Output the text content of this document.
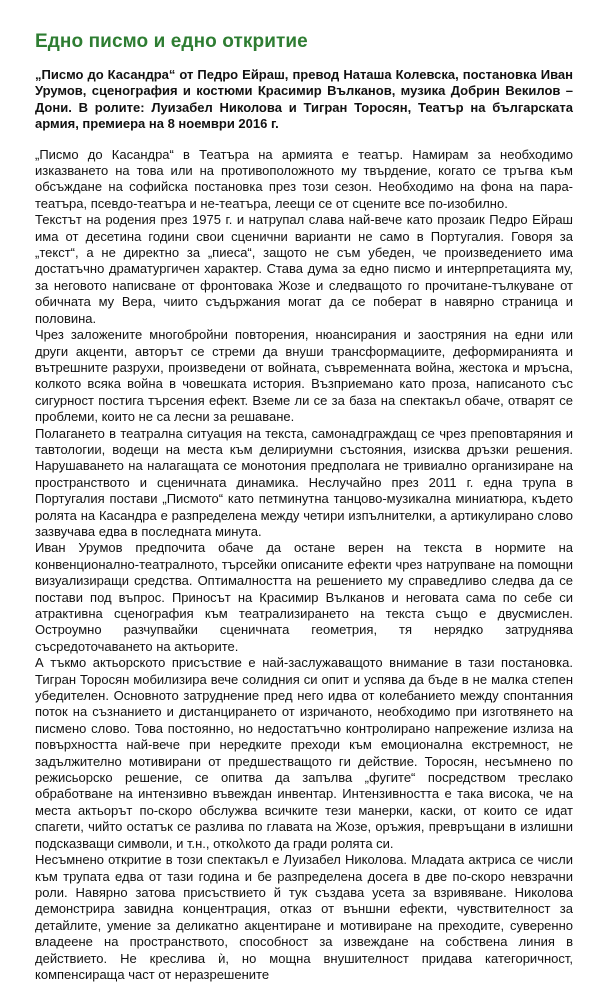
Едно писмо и едно откритие

„Писмо до Касандра“ от Педро Ейраш, превод Наташа Колевска, постановка Иван Урумов, сценография и костюми Красимир Вълканов, музика Добрин Векилов – Дони. В ролите: Луизабел Николова и Тигран Торосян, Театър на българската армия, премиера на 8 ноември 2016 г.

„Писмо до Касандра“ в Театъра на армията е театър. Намирам за необходимо изказването на това или на противоположното му твърдение, когато се тръгва към обсъждане на софийска постановка през този сезон. Необходимо на фона на пара-театъра, псевдо-театъра и не-театъра, леещи се от сцените все по-изобилно.

Текстът на родения през 1975 г. и натрупал слава най-вече като прозаик Педро Ейраш има от десетина години свои сценични варианти не само в Португалия. Говоря за „текст“, а не директно за „пиеса“, защото не съм убеден, че произведението има достатъчно драматургичен характер. Става дума за едно писмо и интерпретацията му, за неговото написване от фронтовака Жозе и следващото го прочитане-тълкуване от обичната му Вера, чиито съдържания могат да се поберат в навярно страница и половина.

Чрез заложените многобройни повторения, нюансирания и заостряния на едни или други акценти, авторът се стреми да внуши трансформациите, деформиранията и вътрешните разрухи, произведени от войната, съвременната война, жестока и мръсна, колкото всяка война в човешката история. Възприемано като проза, написаното със сигурност постига търсения ефект. Вземе ли се за база на спектакъл обаче, отварят се проблеми, които не са лесни за решаване.

Полагането в театрална ситуация на текста, самонадграждащ се чрез преповтаряния и тавтологии, водещи на места към делириумни състояния, изисква дръзки решения. Нарушаването на налагащата се монотония предполага не тривиално организиране на пространството и сценичната динамика. Неслучайно през 2011 г. една трупа в Португалия постави „Писмото“ като петминутна танцово-музикална миниатюра, където ролята на Касандра е разпределена между четири изпълнителки, а артикулирано слово зазвучава едва в последната минута.

Иван Урумов предпочита обаче да остане верен на текста в нормите на конвенционално-театралното, търсейки описаните ефекти чрез натрупване на помощни визуализиращи средства. Оптималността на решението му справедливо следва да се постави под въпрос. Приносът на Красимир Вълканов и неговата сама по себе си атрактивна сценография към театрализирането на текста също е двусмислен. Остроумно разчупвайки сценичната геометрия, тя нерядко затруднява съсредоточаването на актьорите.

А тъкмо актьорското присъствие е най-заслужаващото внимание в тази постановка. Тигран Торосян мобилизира вече солидния си опит и успява да бъде в не малка степен убедителен. Основното затруднение пред него идва от колебанието между спонтанния поток на съзнанието и дистанцирането от изричаното, необходимо при изготвянето на писмено слово. Това постоянно, но недостатъчно контролирано напрежение излиза на повърхността най-вече при нередките преходи към емоционална екстремност, не задължително мотивирани от предшестващото ги действие. Торосян, несъмнено по режисьорско решение, се опитва да запълва „фугите“ посредством треслако обработване на интензивно въвеждан инвентар. Интензивността е така висока, че на места актьорът по-скоро обслужва всичките тези манерки, каски, от които се идат спагети, чийто остатък се разлива по главата на Жозе, оръжия, превръщани в излишни подсказващи символи, и т.н., откολкото да гради ролята си.

Несъмнено откритие в този спектакъл е Луизабел Николова. Младата актриса се числи към трупата едва от тази година и бе разпределена досега в две по-скоро невзрачни роли. Навярно затова присъствието й тук създава усета за взривяване. Николова демонстрира завидна концентрация, отказ от външни ефекти, чувствителност за детайлите, умение за деликатно акцентиране и мотивиране на преходите, суверенно владеене на пространството, способност за извеждане на собствена линия в действието. Не креслива ѝ, но мощна внушителност придава категоричност, компенсираща част от неразрешените
